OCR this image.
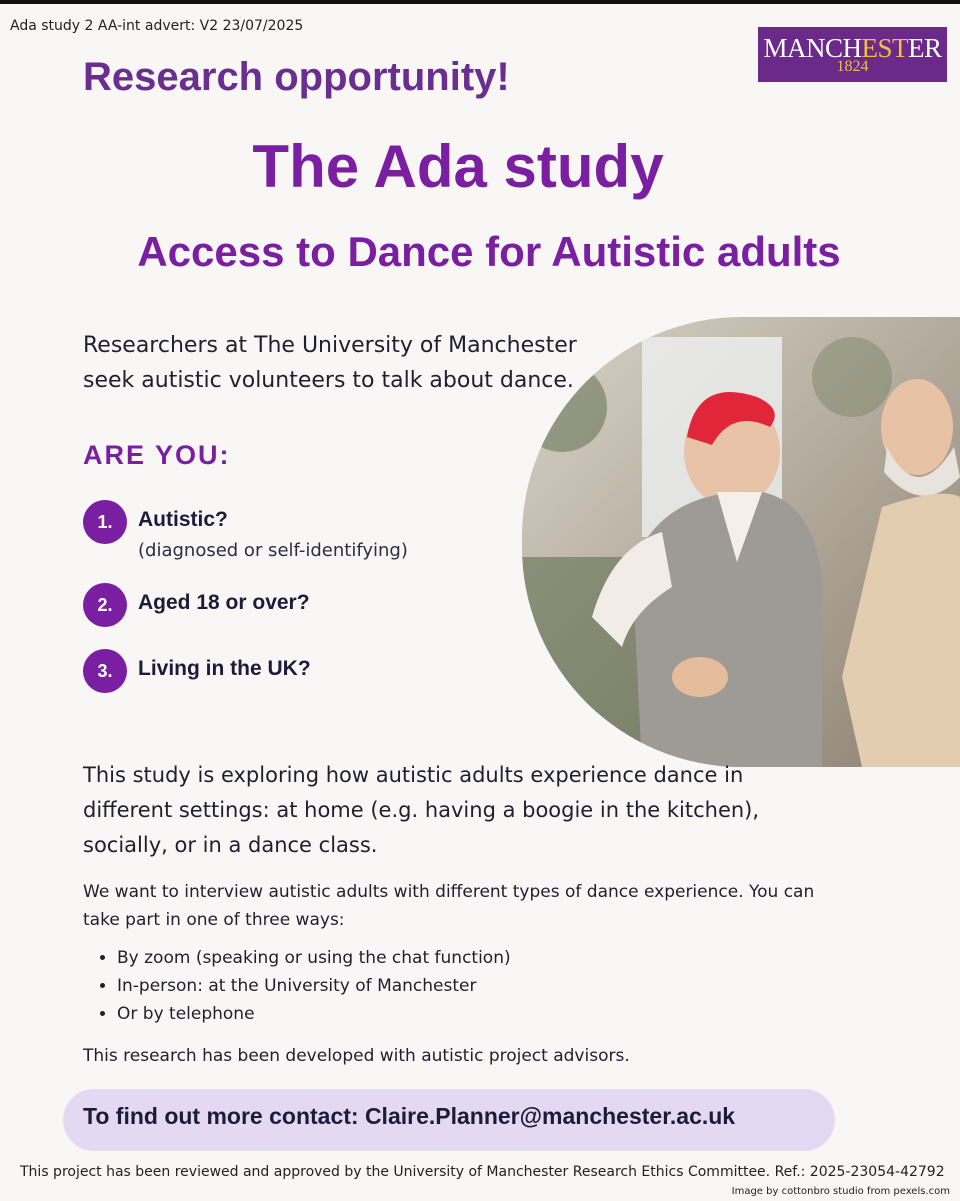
Ada study 2 AA-int advert: V2 23/07/2025
MANCHESTER
1824
Research opportunity!
The Ada study
Access to Dance for Autistic adults
Researchers at The University of Manchester seek autistic volunteers to talk about dance.
ARE YOU:
1.	Autistic?
(diagnosed or self-identifying)
2.	Aged 18 or over?
3.	Living in the UK?
This study is exploring how autistic adults experience dance in different settings: at home (e.g. having a boogie in the kitchen), socially, or in a dance class.
We want to interview autistic adults with different types of dance experience. You can take part in one of three ways:
• By zoom (speaking or using the chat function)
• In-person: at the University of Manchester
• Or by telephone
This research has been developed with autistic project advisors.
To find out more contact: Claire.Planner@manchester.ac.uk
This project has been reviewed and approved by the University of Manchester Research Ethics Committee. Ref.: 2025-23054-42792
Image by cottonbro studio from pexels.com
